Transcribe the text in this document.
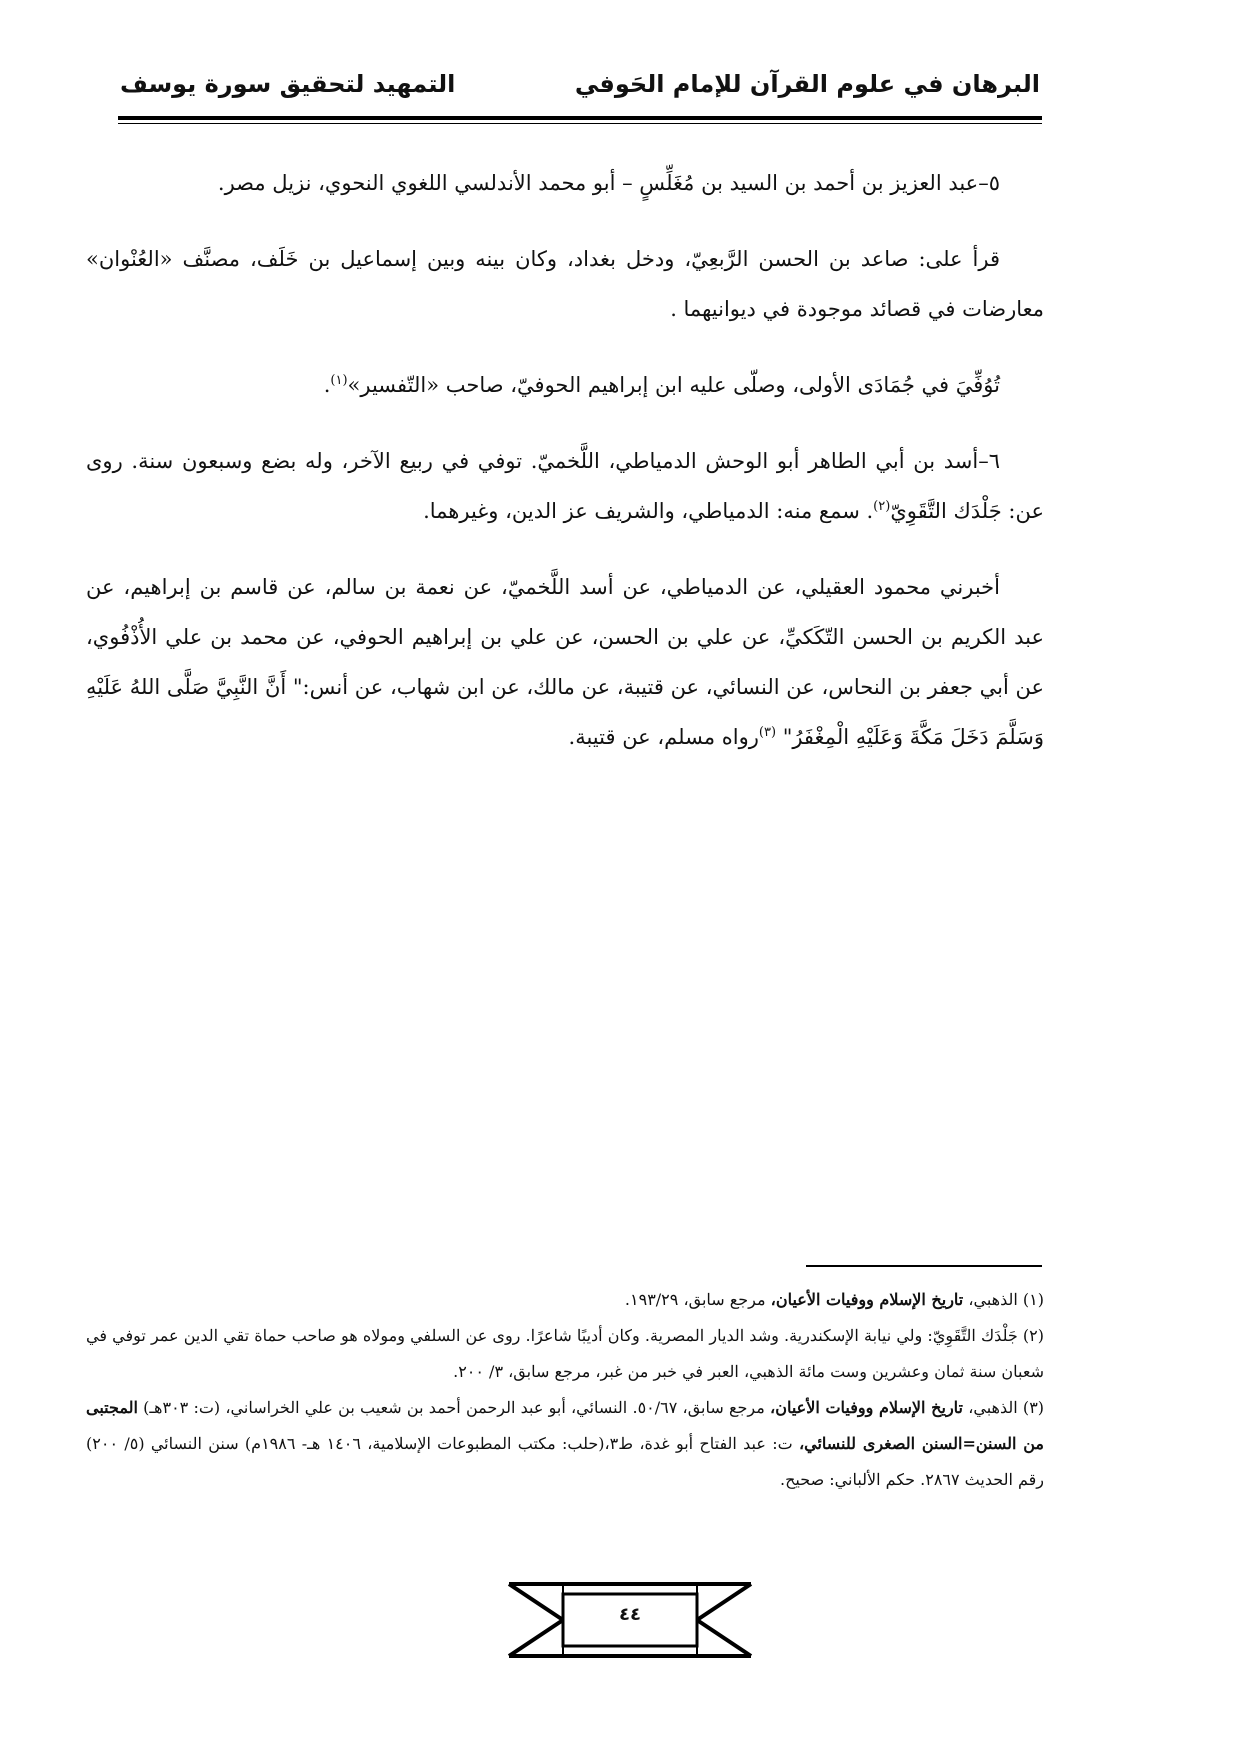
البرهان في علوم القرآن للإمام الحَوفي
التمهيد لتحقيق سورة يوسف

٥–عبد العزيز بن أحمد بن السيد بن مُغَلِّسٍ – أبو محمد الأندلسي اللغوي النحوي، نزيل مصر.

قرأ على: صاعد بن الحسن الرَّبعِيّ، ودخل بغداد، وكان بينه وبين إسماعيل بن خَلَف، مصنَّف «العُنْوان» معارضات في قصائد موجودة في ديوانيهما .

تُوُفِّيَ في جُمَادَى الأولى، وصلّى عليه ابن إبراهيم الحوفيّ، صاحب «التّفسير»$^{(١)}$.

٦–أسد بن أبي الطاهر أبو الوحش الدمياطي، اللَّخميّ. توفي في ربيع الآخر، وله بضع وسبعون سنة. روى عن: جَلْدَك التَّقَوِيّ$^{(٢)}$. سمع منه: الدمياطي، والشريف عز الدين، وغيرهما.

أخبرني محمود العقيلي، عن الدمياطي، عن أسد اللَّخميّ، عن نعمة بن سالم، عن قاسم بن إبراهيم، عن عبد الكريم بن الحسن التّكَكيِّ، عن علي بن الحسن، عن علي بن إبراهيم الحوفي، عن محمد بن علي الأُذْفُوي، عن أبي جعفر بن النحاس، عن النسائي، عن قتيبة، عن مالك، عن ابن شهاب، عن أنس:" أَنَّ النَّبِيَّ صَلَّى اللهُ عَلَيْهِ وَسَلَّمَ دَخَلَ مَكَّةَ وَعَلَيْهِ الْمِغْفَرُ" $^{(٣)}$رواه مسلم، عن قتيبة.

(١) الذهبي، تاريخ الإسلام ووفيات الأعيان، مرجع سابق، ١٩٣/٢٩.

(٢) جَلْدَك التَّقَوِيّ: ولي نيابة الإسكندرية. وشد الديار المصرية. وكان أديبًا شاعرًا. روى عن السلفي ومولاه هو صاحب حماة تقي الدين عمر توفي في شعبان سنة ثمان وعشرين وست مائة الذهبي، العبر في خبر من غبر، مرجع سابق، ٣/ ٢٠٠.

(٣) الذهبي، تاريخ الإسلام ووفيات الأعيان، مرجع سابق، ٥٠/٦٧. النسائي، أبو عبد الرحمن أحمد بن شعيب بن علي الخراساني، (ت: ٣٠٣هـ) المجتبى من السنن=السنن الصغرى للنسائي، ت: عبد الفتاح أبو غدة، ط٣،(حلب: مكتب المطبوعات الإسلامية، ١٤٠٦ هـ- ١٩٨٦م) سنن النسائي (٥/ ٢٠٠) رقم الحديث ٢٨٦٧. حكم الألباني: صحيح.

٤٤
